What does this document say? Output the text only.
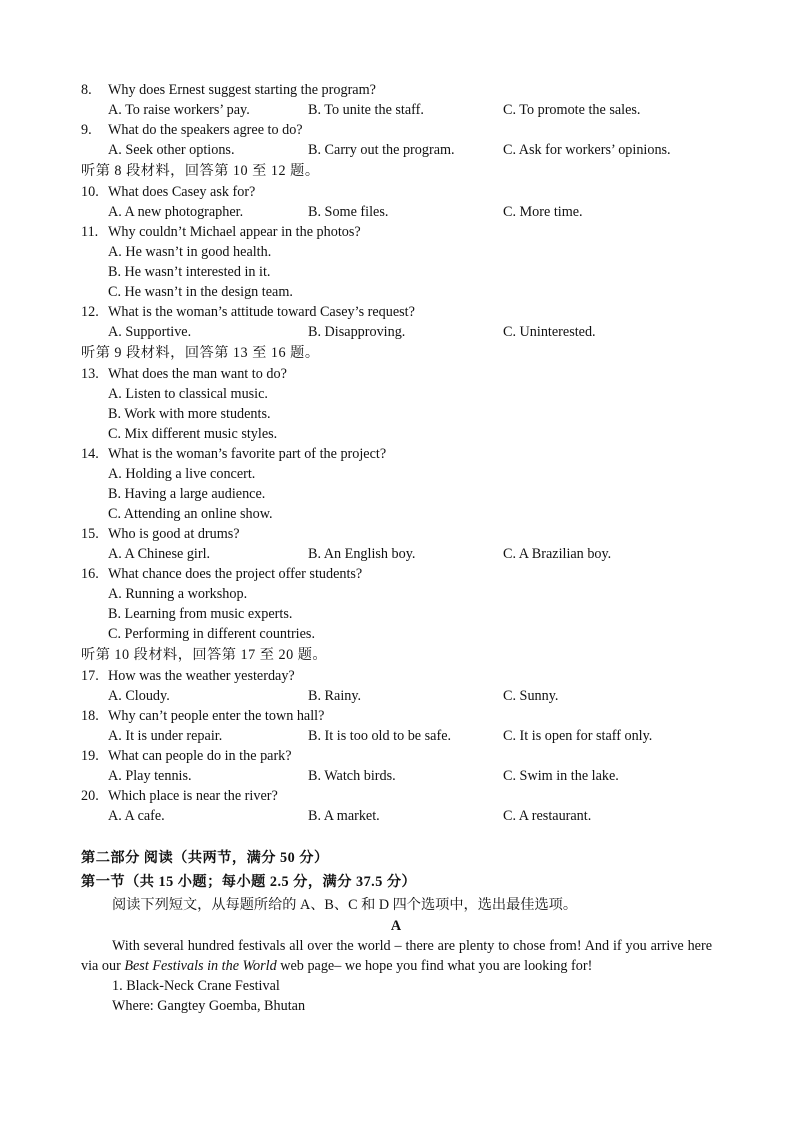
8. Why does Ernest suggest starting the program?
A. To raise workers’ pay.	B. To unite the staff.	C. To promote the sales.
9. What do the speakers agree to do?
A. Seek other options.	B. Carry out the program.	C. Ask for workers’ opinions.
听第 8 段材料，回答第 10 至 12 题。
10. What does Casey ask for?
A. A new photographer.	B. Some files.	C. More time.
11. Why couldn’t Michael appear in the photos?
A. He wasn’t in good health.
B. He wasn’t interested in it.
C. He wasn’t in the design team.
12. What is the woman’s attitude toward Casey’s request?
A. Supportive.	B. Disapproving.	C. Uninterested.
听第 9 段材料，回答第 13 至 16 题。
13. What does the man want to do?
A. Listen to classical music.
B. Work with more students.
C. Mix different music styles.
14. What is the woman’s favorite part of the project?
A. Holding a live concert.
B. Having a large audience.
C. Attending an online show.
15. Who is good at drums?
A. A Chinese girl.	B. An English boy.	C. A Brazilian boy.
16. What chance does the project offer students?
A. Running a workshop.
B. Learning from music experts.
C. Performing in different countries.
听第 10 段材料，回答第 17 至 20 题。
17. How was the weather yesterday?
A. Cloudy.	B. Rainy.	C. Sunny.
18. Why can’t people enter the town hall?
A. It is under repair.	B. It is too old to be safe.	C. It is open for staff only.
19. What can people do in the park?
A. Play tennis.	B. Watch birds.	C. Swim in the lake.
20. Which place is near the river?
A. A cafe.	B. A market.	C. A restaurant.
第二部分 阅读（共两节，满分 50 分）
第一节（共 15 小题；每小题 2.5 分，满分 37.5 分）
阅读下列短文，从每题所给的 A、B、C 和 D 四个选项中，选出最佳选项。
A
With several hundred festivals all over the world – there are plenty to chose from! And if you arrive here via our Best Festivals in the World web page– we hope you find what you are looking for!
1. Black-Neck Crane Festival
Where: Gangtey Goemba, Bhutan
